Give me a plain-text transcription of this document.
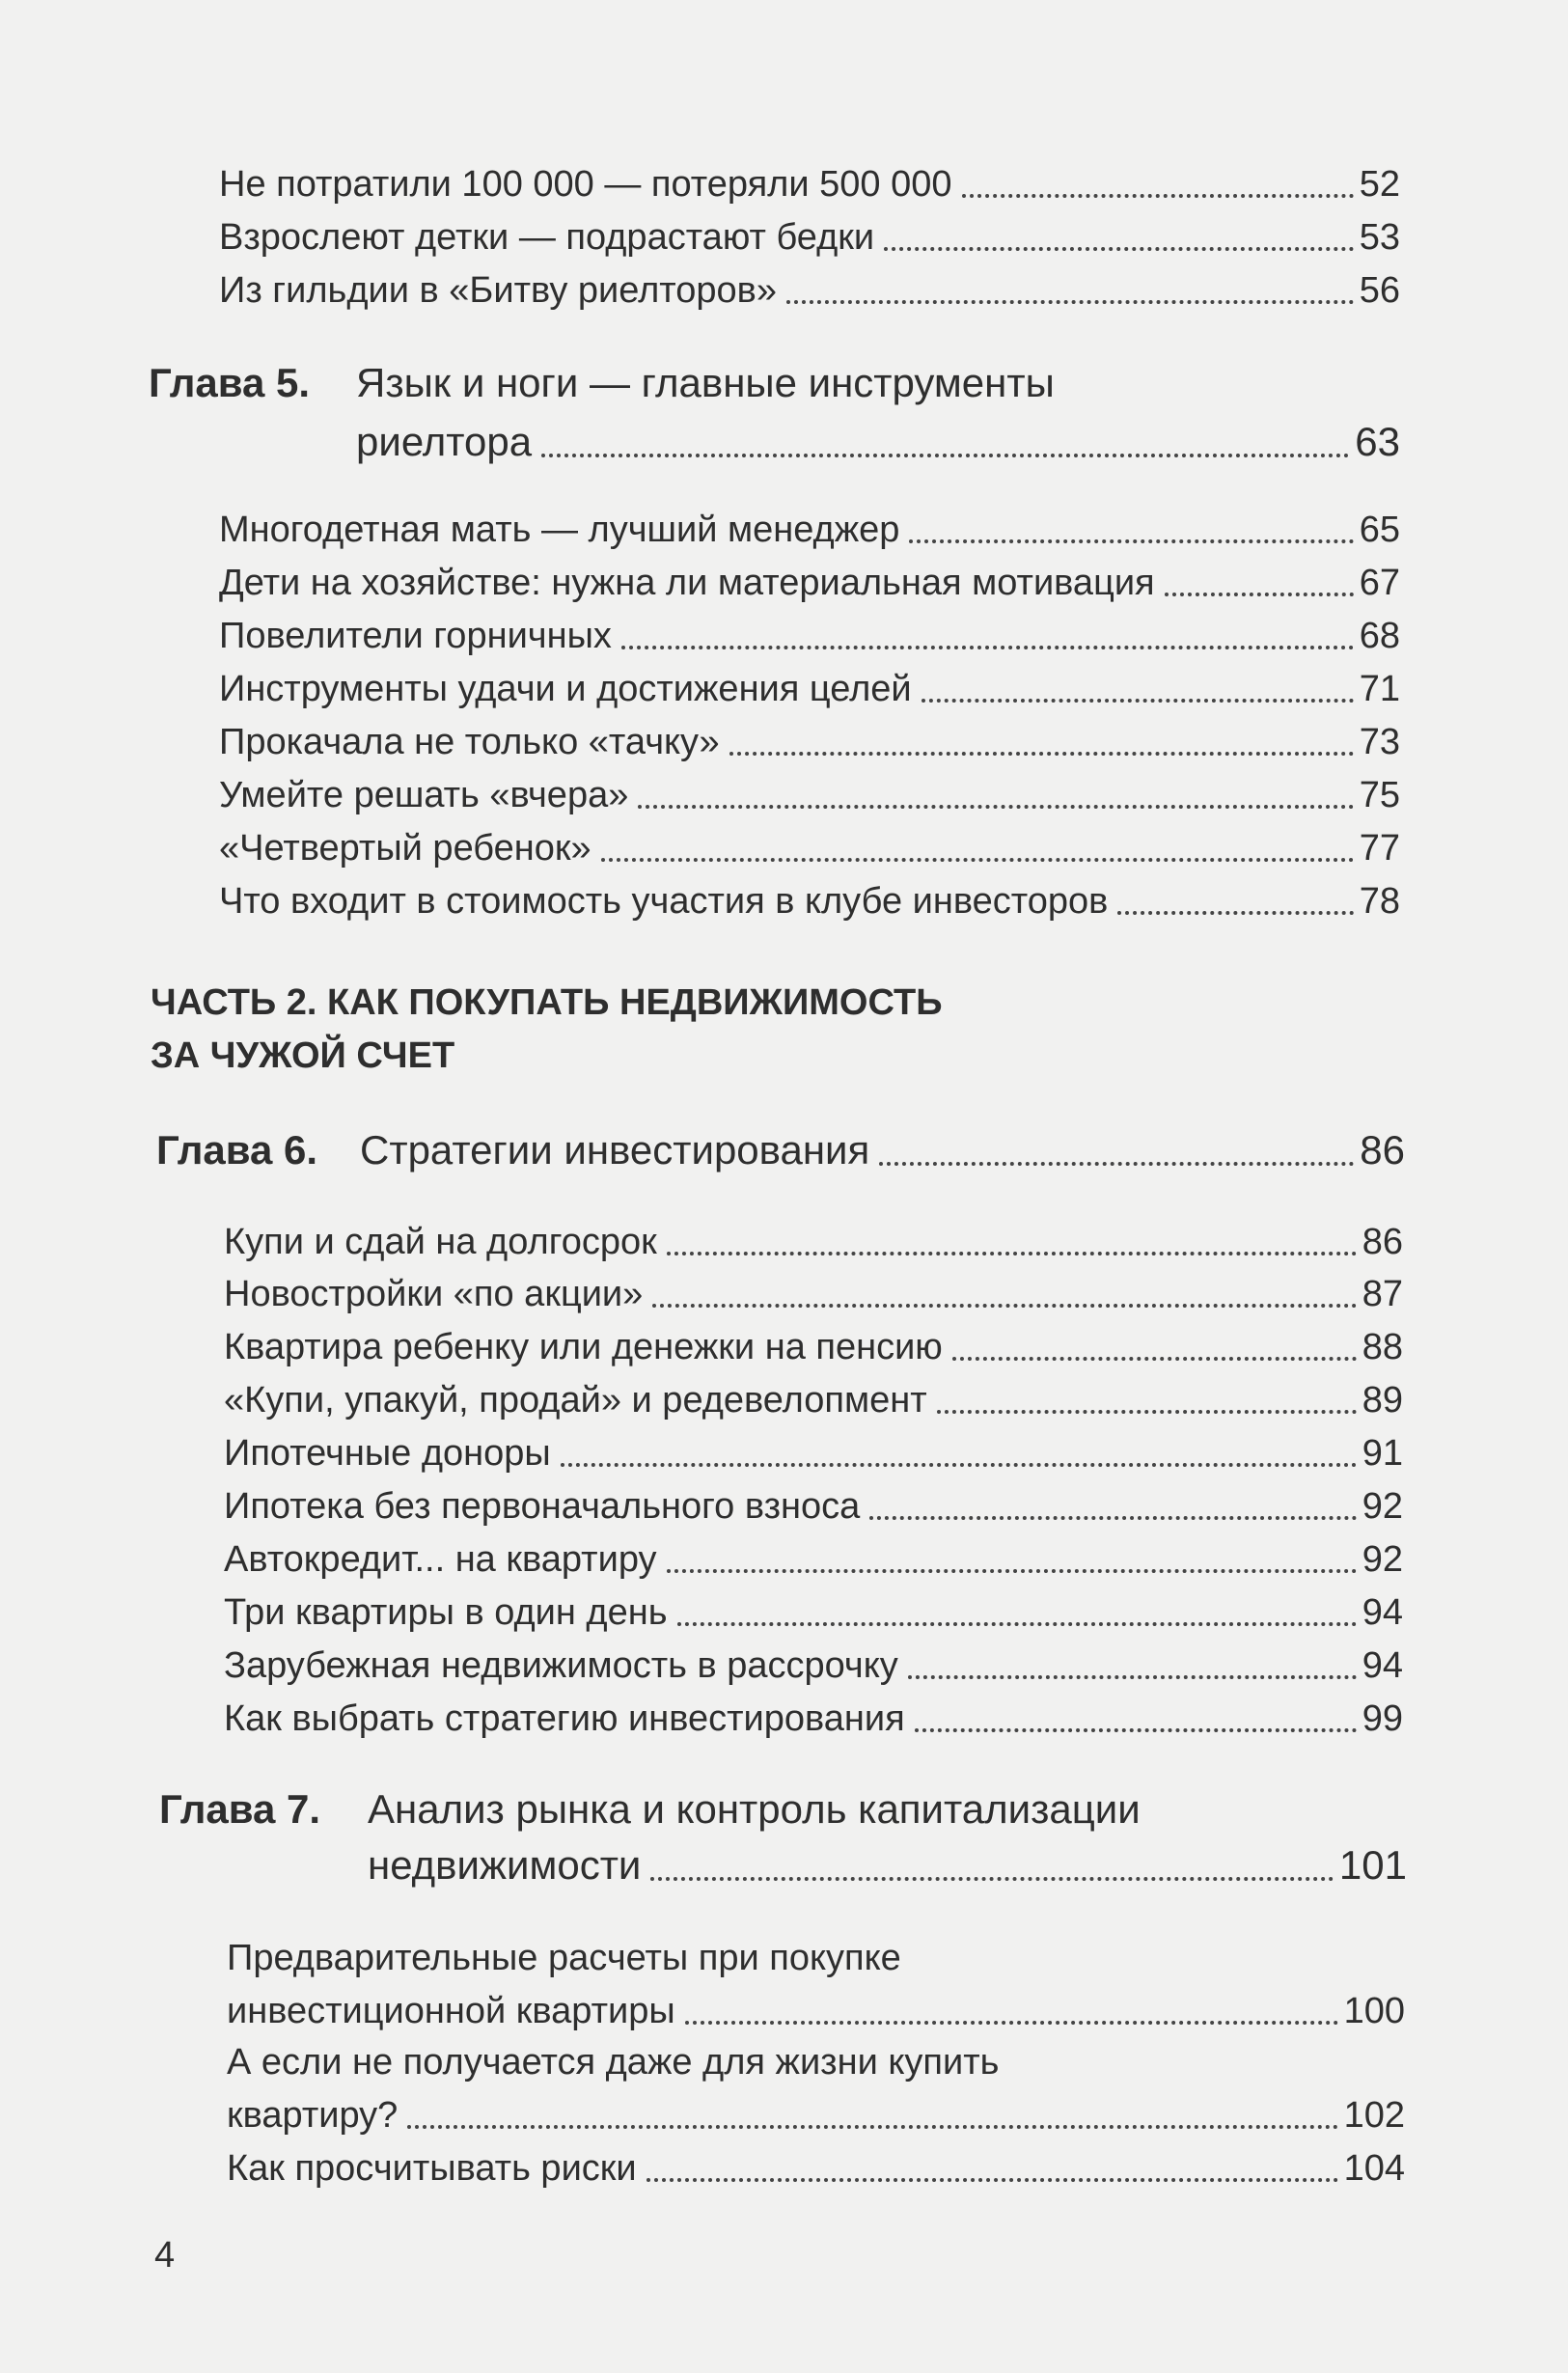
Не потратили 100 000 — потеряли 500 000	52
Взрослеют детки — подрастают бедки	53
Из гильдии в «Битву риелторов»	56
Глава 5. Язык и ноги — главные инструменты
риелтора	63
Многодетная мать — лучший менеджер	65
Дети на хозяйстве: нужна ли материальная мотивация	67
Повелители горничных	68
Инструменты удачи и достижения целей	71
Прокачала не только «тачку»	73
Умейте решать «вчера»	75
«Четвертый ребенок»	77
Что входит в стоимость участия в клубе инвесторов	78
ЧАСТЬ 2. КАК ПОКУПАТЬ НЕДВИЖИМОСТЬ
ЗА ЧУЖОЙ СЧЕТ
Глава 6. Стратегии инвестирования	86
Купи и сдай на долгосрок	86
Новостройки «по акции»	87
Квартира ребенку или денежки на пенсию	88
«Купи, упакуй, продай» и редевелопмент	89
Ипотечные доноры	91
Ипотека без первоначального взноса	92
Автокредит... на квартиру	92
Три квартиры в один день	94
Зарубежная недвижимость в рассрочку	94
Как выбрать стратегию инвестирования	99
Глава 7. Анализ рынка и контроль капитализации
недвижимости	101
Предварительные расчеты при покупке
инвестиционной квартиры	100
А если не получается даже для жизни купить
квартиру?	102
Как просчитывать риски	104
4
